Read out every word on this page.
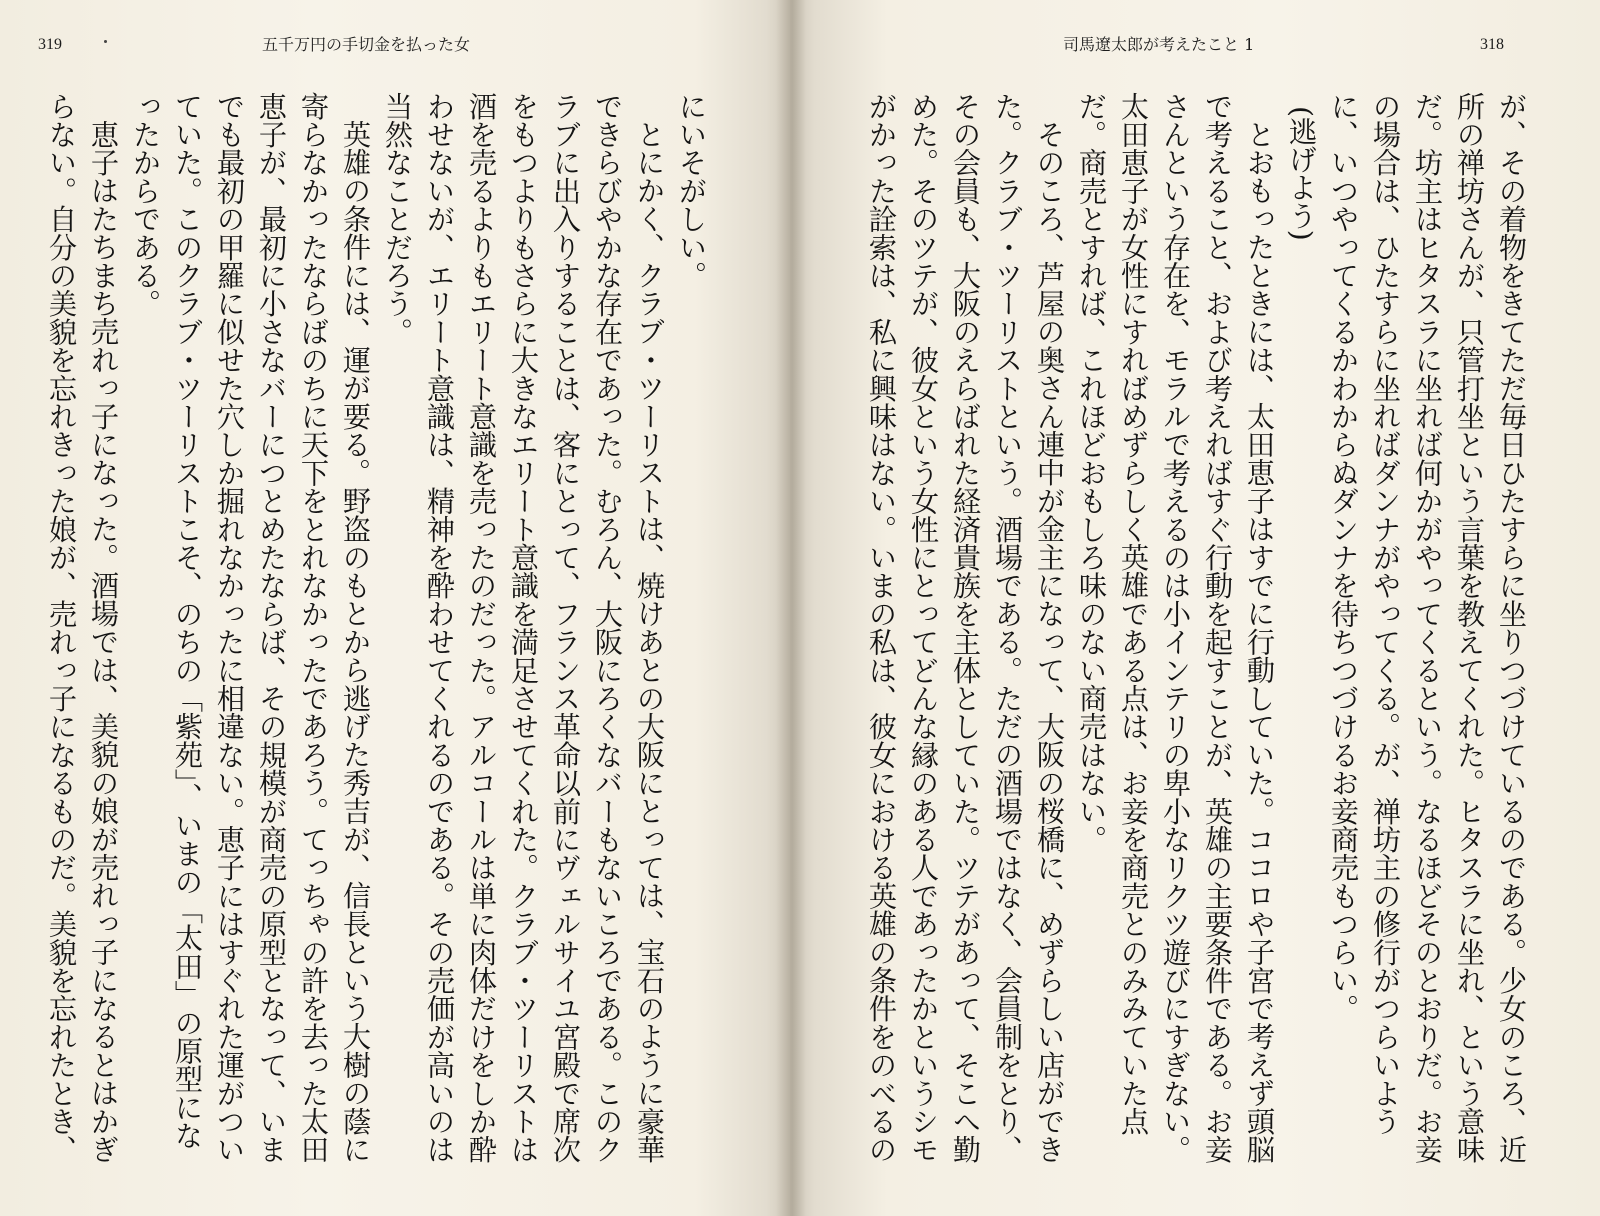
319	五千万円の手切金を払った女

にいそがしい。

とにかく、クラブ・ツーリストは、焼けあとの大阪にとっては、宝石のように豪華できらびやかな存在であった。むろん、大阪にろくなバーもないころである。このクラブに出入りすることは、客にとって、フランス革命以前にヴェルサイユ宮殿で席次をもつよりもさらに大きなエリート意識を満足させてくれた。クラブ・ツーリストは酒を売るよりもエリート意識を売ったのだった。アルコールは単に肉体だけをしか酔わせないが、エリート意識は、精神を酔わせてくれるのである。その売価が高いのは当然なことだろう。

英雄の条件には、運が要る。野盗のもとから逃げた秀吉が、信長という大樹の蔭に寄らなかったならばのちに天下をとれなかったであろう。てっちゃの許を去った太田恵子が、最初に小さなバーにつとめたならば、その規模が商売の原型となって、いまでも最初の甲羅に似せた穴しか掘れなかったに相違ない。恵子にはすぐれた運がついていた。このクラブ・ツーリストこそ、のちの「紫苑」、いまの「太田」の原型になったからである。

恵子はたちまち売れっ子になった。酒場では、美貌の娘が売れっ子になるとはかぎらない。自分の美貌を忘れきった娘が、売れっ子になるものだ。美貌を忘れたとき、

司馬遼太郎が考えたこと 1	318

が、その着物をきてただ毎日ひたすらに坐りつづけているのである。少女のころ、近所の禅坊さんが、只管打坐という言葉を教えてくれた。ヒタスラに坐れ、という意味だ。坊主はヒタスラに坐れば何かがやってくるという。なるほどそのとおりだ。お妾の場合は、ひたすらに坐ればダンナがやってくる。が、禅坊主の修行がつらいように、いつやってくるかわからぬダンナを待ちつづけるお妾商売もつらい。

(逃げよう)

とおもったときには、太田恵子はすでに行動していた。ココロや子宮で考えず頭脳で考えること、および考えればすぐ行動を起すことが、英雄の主要条件である。お妾さんという存在を、モラルで考えるのは小インテリの卑小なリクツ遊びにすぎない。太田恵子が女性にすればめずらしく英雄である点は、お妾を商売とのみみていた点だ。商売とすれば、これほどおもしろ味のない商売はない。

そのころ、芦屋の奥さん連中が金主になって、大阪の桜橋に、めずらしい店ができた。クラブ・ツーリストという。酒場である。ただの酒場ではなく、会員制をとり、その会員も、大阪のえらばれた経済貴族を主体としていた。ツテがあって、そこへ勤めた。そのツテが、彼女という女性にとってどんな縁のある人であったかというシモがかった詮索は、私に興味はない。いまの私は、彼女における英雄の条件をのべるの
